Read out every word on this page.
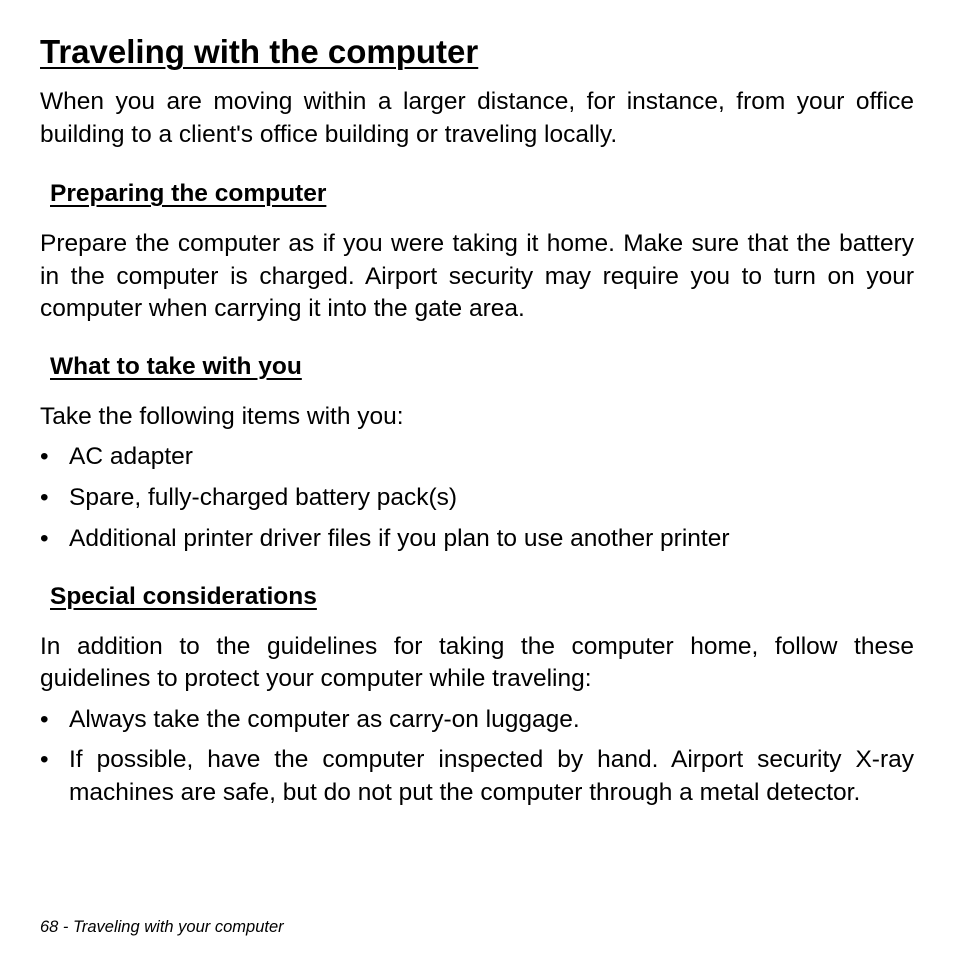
Traveling with the computer

When you are moving within a larger distance, for instance, from your office building to a client's office building or traveling locally.

Preparing the computer

Prepare the computer as if you were taking it home. Make sure that the battery in the computer is charged. Airport security may require you to turn on your computer when carrying it into the gate area.

What to take with you

Take the following items with you:

• AC adapter
• Spare, fully-charged battery pack(s)
• Additional printer driver files if you plan to use another printer
Special considerations

In addition to the guidelines for taking the computer home, follow these guidelines to protect your computer while traveling:

• Always take the computer as carry-on luggage.
• If possible, have the computer inspected by hand. Airport security X-ray machines are safe, but do not put the computer through a metal detector.
68 - Traveling with your computer
